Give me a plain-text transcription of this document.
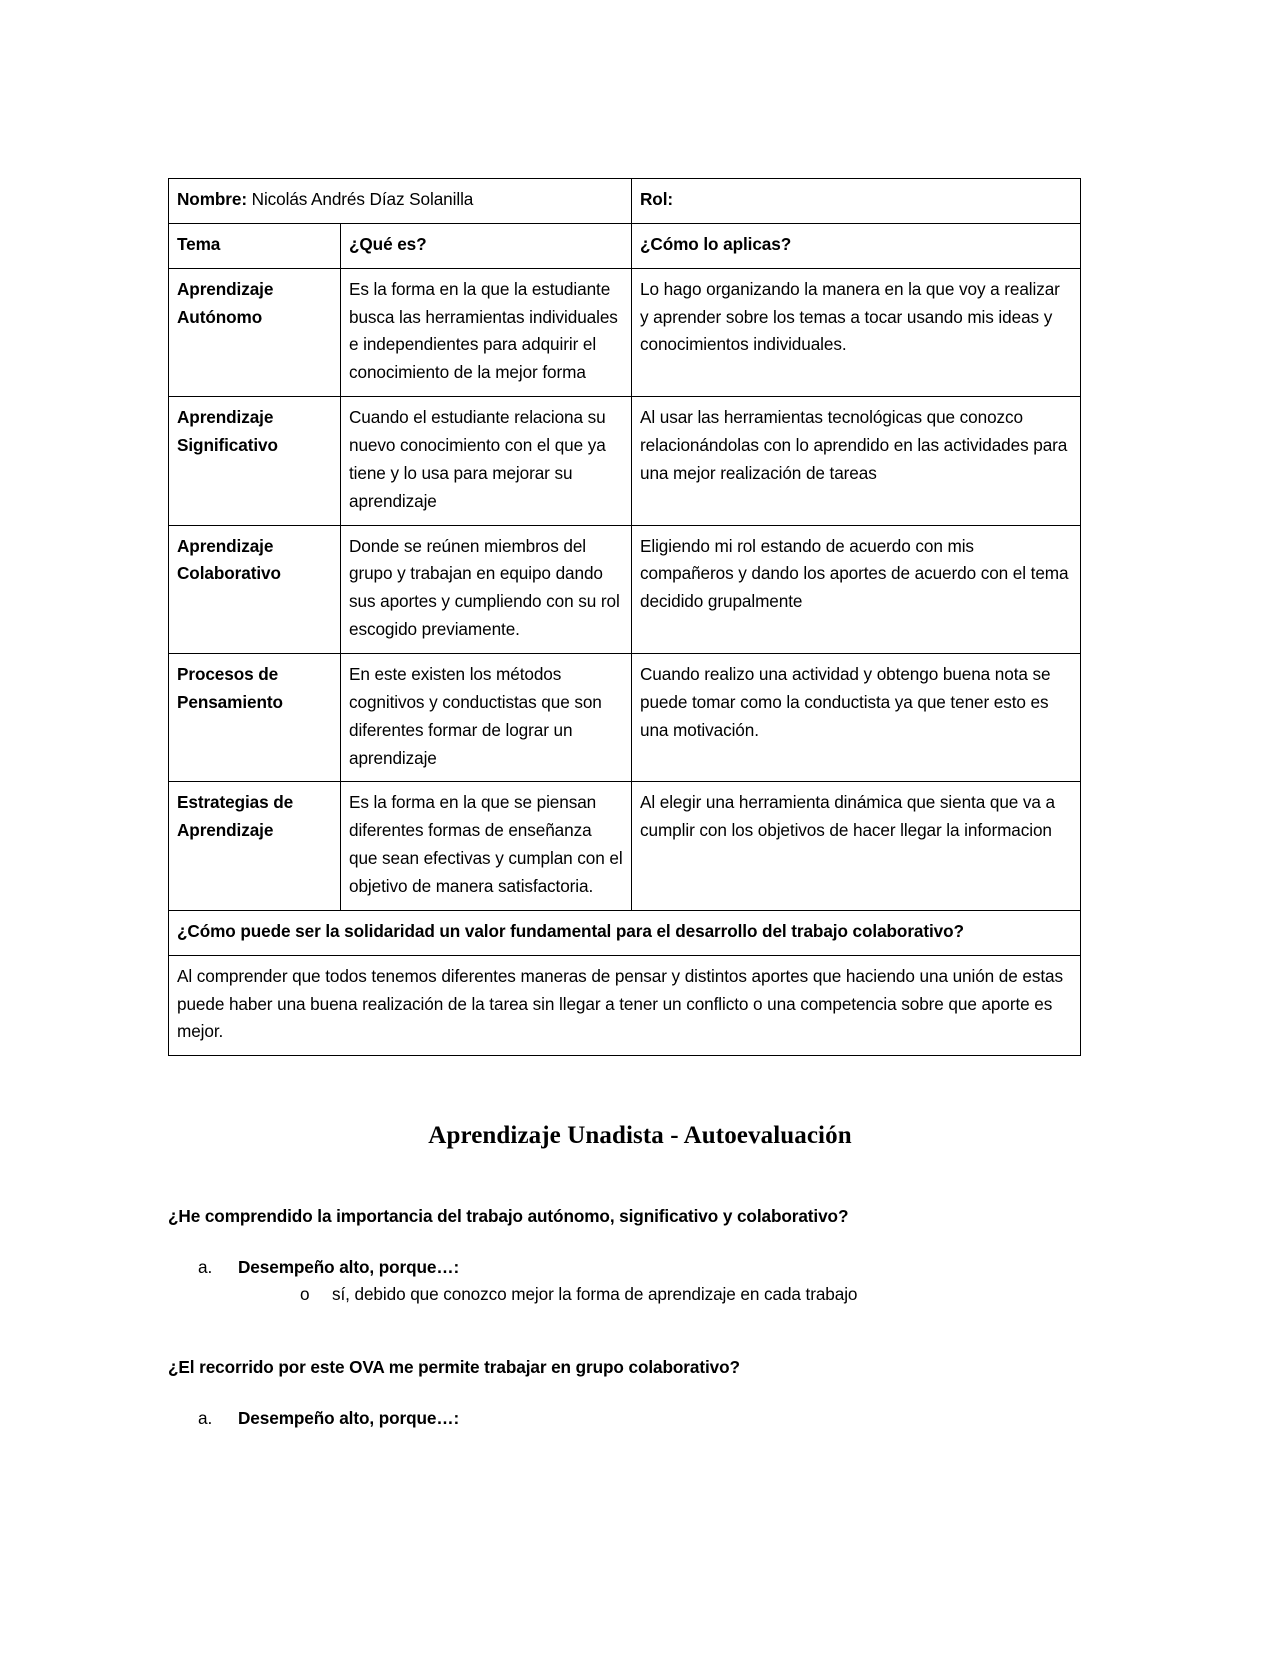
Nombre: Nicolás Andrés Díaz Solanilla		Rol:
Tema	¿Qué es?	¿Cómo lo aplicas?

Aprendizaje
Autónomo	Es la forma en la que la estudiante busca las herramientas individuales e independientes para adquirir el conocimiento de la mejor forma	Lo hago organizando la manera en la que voy a realizar y aprender sobre los temas a tocar usando mis ideas y conocimientos individuales.

Aprendizaje
Significativo	Cuando el estudiante relaciona su nuevo conocimiento con el que ya tiene y lo usa para mejorar su aprendizaje	Al usar las herramientas tecnológicas que conozco relacionándolas con lo aprendido en las actividades para una mejor realización de tareas

Aprendizaje
Colaborativo	Donde se reúnen miembros del grupo y trabajan en equipo dando sus aportes y cumpliendo con su rol escogido previamente.	Eligiendo mi rol estando de acuerdo con mis compañeros y dando los aportes de acuerdo con el tema decidido grupalmente

Procesos de
Pensamiento	En este existen los métodos cognitivos y conductistas que son diferentes formar de lograr un aprendizaje	Cuando realizo una actividad y obtengo buena nota se puede tomar como la conductista ya que tener esto es una motivación.

Estrategias de
Aprendizaje	Es la forma en la que se piensan diferentes formas de enseñanza que sean efectivas y cumplan con el objetivo de manera satisfactoria.	Al elegir una herramienta dinámica que sienta que va a cumplir con los objetivos de hacer llegar la informacion
¿Cómo puede ser la solidaridad un valor fundamental para el desarrollo del trabajo colaborativo?		
Al comprender que todos tenemos diferentes maneras de pensar y distintos aportes que haciendo una unión de estas puede haber una buena realización de la tarea sin llegar a tener un conflicto o una competencia sobre que aporte es mejor.		
Aprendizaje Unadista - Autoevaluación

¿He comprendido la importancia del trabajo autónomo, significativo y colaborativo?

a. Desempeño alto, porque…:
o sí, debido que conozco mejor la forma de aprendizaje en cada trabajo

¿El recorrido por este OVA me permite trabajar en grupo colaborativo?

a. Desempeño alto, porque…:
